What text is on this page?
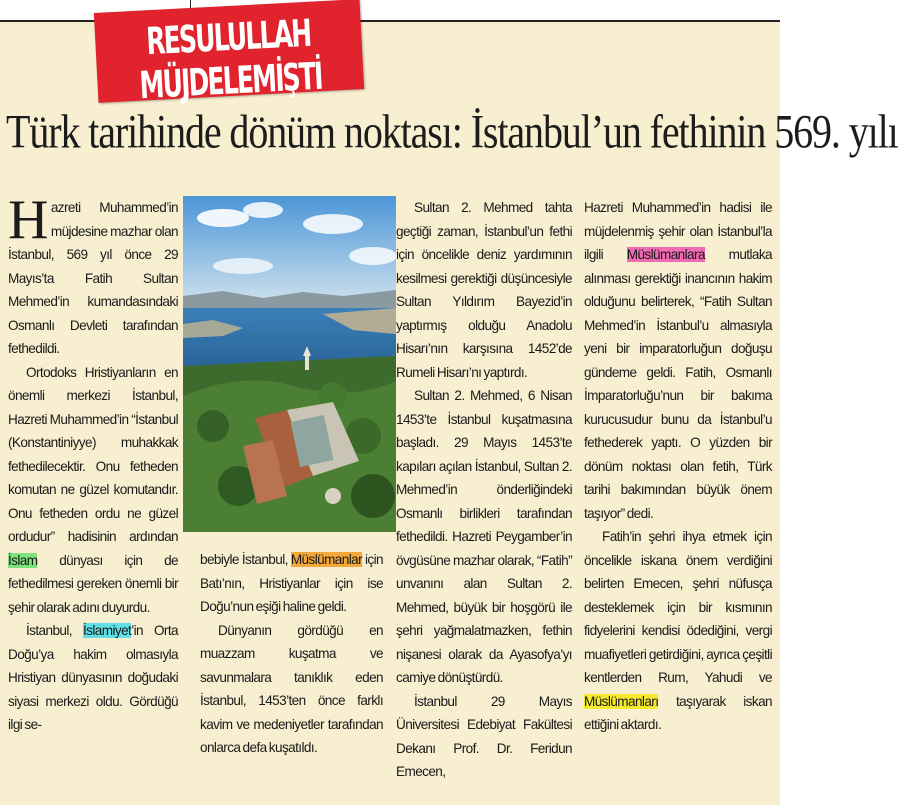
RESULULLAH MÜJDELEMİŞTİ
Türk tarihinde dönüm noktası: İstanbul’un fethinin 569. yılı

Hazreti Muhammed’in müjdesine mazhar olan İstanbul, 569 yıl önce 29 Mayıs’ta Fatih Sultan Mehmed’in kumandasındaki Osmanlı Devleti tarafından fethedildi.

Ortodoks Hristiyanların en önemli merkezi İstanbul, Hazreti Muhammed’in “İstanbul (Konstantiniyye) muhakkak fethedilecektir. Onu fetheden komutan ne güzel komutandır. Onu fetheden ordu ne güzel ordudur” hadisinin ardından İslam dünyası için de fethedilmesi gereken önemli bir şehir olarak adını duyurdu.

İstanbul, İslamiyet’in Orta Doğu’ya hakim olmasıyla Hristiyan dünyasının doğudaki siyasi merkezi oldu. Gördüğü ilgi se-

bebiyle İstanbul, Müslümanlar için Batı’nın, Hristiyanlar için ise Doğu’nun eşiği haline geldi.

Dünyanın gördüğü en muazzam kuşatma ve savunmalara tanıklık eden İstanbul, 1453’ten önce farklı kavim ve medeniyetler tarafından onlarca defa kuşatıldı.

Sultan 2. Mehmed tahta geçtiği zaman, İstanbul’un fethi için öncelikle deniz yardımının kesilmesi gerektiği düşüncesiyle Sultan Yıldırım Bayezid’in yaptırmış olduğu Anadolu Hisarı’nın karşısına 1452’de Rumeli Hisarı’nı yaptırdı.

Sultan 2. Mehmed, 6 Nisan 1453’te İstanbul kuşatmasına başladı. 29 Mayıs 1453’te kapıları açılan İstanbul, Sultan 2. Mehmed’in önderliğindeki Osmanlı birlikleri tarafından fethedildi. Hazreti Peygamber’in övgüsüne mazhar olarak, “Fatih” unvanını alan Sultan 2. Mehmed, büyük bir hoşgörü ile şehri yağmalatmazken, fethin nişanesi olarak da Ayasofya’yı camiye dönüştürdü.

İstanbul 29 Mayıs Üniversitesi Edebiyat Fakültesi Dekanı Prof. Dr. Feridun Emecen,

Hazreti Muhammed’in hadisi ile müjdelenmiş şehir olan İstanbul’la ilgili Müslümanlara mutlaka alınması gerektiği inancının hakim olduğunu belirterek, “Fatih Sultan Mehmed’in İstanbul’u almasıyla yeni bir imparatorluğun doğuşu gündeme geldi. Fatih, Osmanlı İmparatorluğu’nun bir bakıma kurucusudur bunu da İstanbul’u fethederek yaptı. O yüzden bir dönüm noktası olan fetih, Türk tarihi bakımından büyük önem taşıyor” dedi.

Fatih’in şehri ihya etmek için öncelikle iskana önem verdiğini belirten Emecen, şehri nüfusça desteklemek için bir kısmının fidyelerini kendisi ödediğini, vergi muafiyetleri getirdiğini, ayrıca çeşitli kentlerden Rum, Yahudi ve Müslümanları taşıyarak iskan ettiğini aktardı.
